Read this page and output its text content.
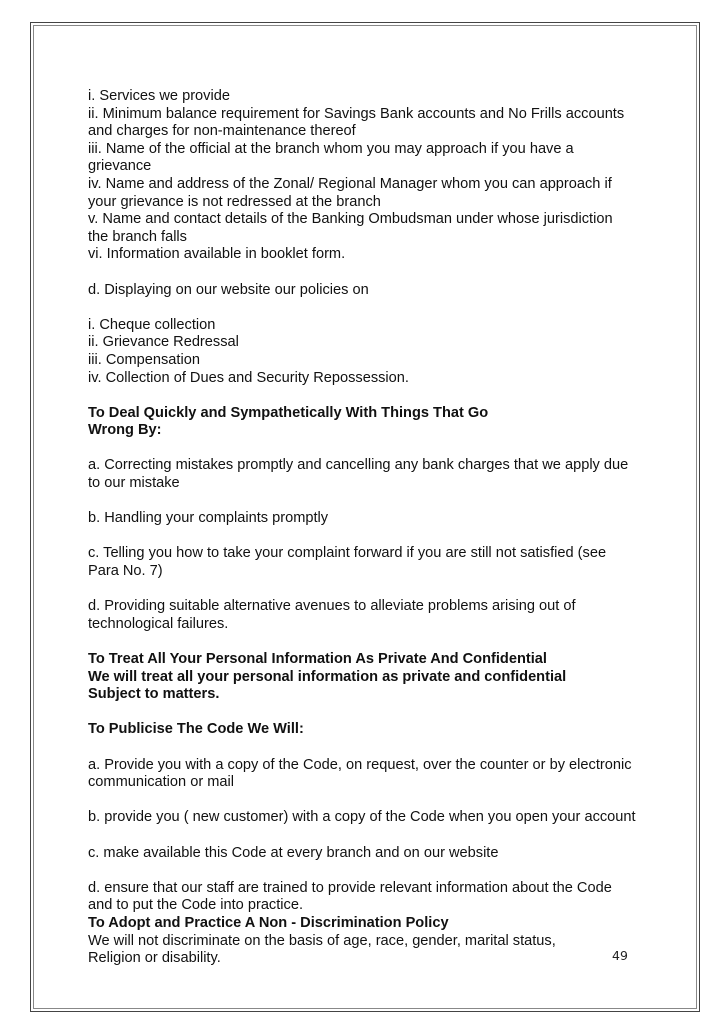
i. Services we provide
ii. Minimum balance requirement for Savings Bank accounts and No Frills accounts
and charges for non-maintenance thereof
iii. Name of the official at the branch whom you may approach if you have a
grievance
iv. Name and address of the Zonal/ Regional Manager whom you can approach if
your grievance is not redressed at the branch
v. Name and contact details of the Banking Ombudsman under whose jurisdiction
the branch falls
vi. Information available in booklet form.
d. Displaying on our website our policies on
i. Cheque collection
ii. Grievance Redressal
iii. Compensation
iv. Collection of Dues and Security Repossession.
To Deal Quickly and Sympathetically With Things That Go
Wrong By:
a. Correcting mistakes promptly and cancelling any bank charges that we apply due
to our mistake
b. Handling your complaints promptly
c. Telling you how to take your complaint forward if you are still not satisfied (see
Para No. 7)
d. Providing suitable alternative avenues to alleviate problems arising out of
technological failures.
To Treat All Your Personal Information As Private And Confidential
We will treat all your personal information as private and confidential
Subject to matters.
To Publicise The Code We Will:
a. Provide you with a copy of the Code, on request, over the counter or by electronic
communication or mail
b. provide you ( new customer) with a copy of the Code when you open your account
c. make available this Code at every branch and on our website
d. ensure that our staff are trained to provide relevant information about the Code
and to put the Code into practice.
To Adopt and Practice A Non - Discrimination Policy
We will not discriminate on the basis of age, race, gender, marital status,
Religion or disability.	49
